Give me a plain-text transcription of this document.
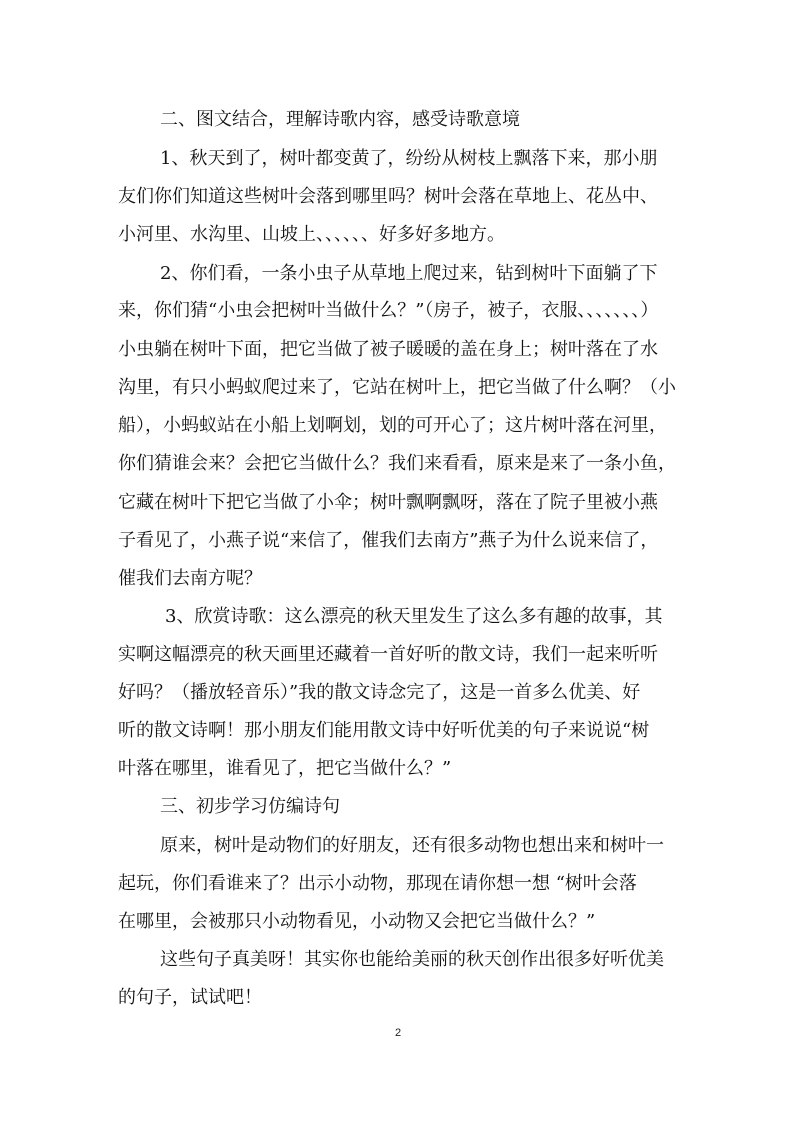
二、图文结合，理解诗歌内容，感受诗歌意境
1、秋天到了，树叶都变黄了，纷纷从树枝上飘落下来，那小朋
友们你们知道这些树叶会落到哪里吗？树叶会落在草地上、花丛中、
小河里、水沟里、山坡上、、、、、、好多好多地方。
2、你们看，一条小虫子从草地上爬过来，钻到树叶下面躺了下
来，你们猜“小虫会把树叶当做什么？”（房子，被子，衣服、、、、、、、）
小虫躺在树叶下面，把它当做了被子暖暖的盖在身上；树叶落在了水
沟里，有只小蚂蚁爬过来了，它站在树叶上，把它当做了什么啊？（小
船），小蚂蚁站在小船上划啊划，划的可开心了；这片树叶落在河里，
你们猜谁会来？会把它当做什么？我们来看看，原来是来了一条小鱼，
它藏在树叶下把它当做了小伞；树叶飘啊飘呀，落在了院子里被小燕
子看见了，小燕子说“来信了，催我们去南方”燕子为什么说来信了，
催我们去南方呢？
3、欣赏诗歌：这么漂亮的秋天里发生了这么多有趣的故事，其
实啊这幅漂亮的秋天画里还藏着一首好听的散文诗，我们一起来听听
好吗？（播放轻音乐）”我的散文诗念完了，这是一首多么优美、好
听的散文诗啊！那小朋友们能用散文诗中好听优美的句子来说说“树
叶落在哪里，谁看见了，把它当做什么？”
三、初步学习仿编诗句
原来，树叶是动物们的好朋友，还有很多动物也想出来和树叶一
起玩，你们看谁来了？出示小动物，那现在请你想一想 “树叶会落
在哪里，会被那只小动物看见，小动物又会把它当做什么？”
这些句子真美呀！其实你也能给美丽的秋天创作出很多好听优美
的句子，试试吧！
2
